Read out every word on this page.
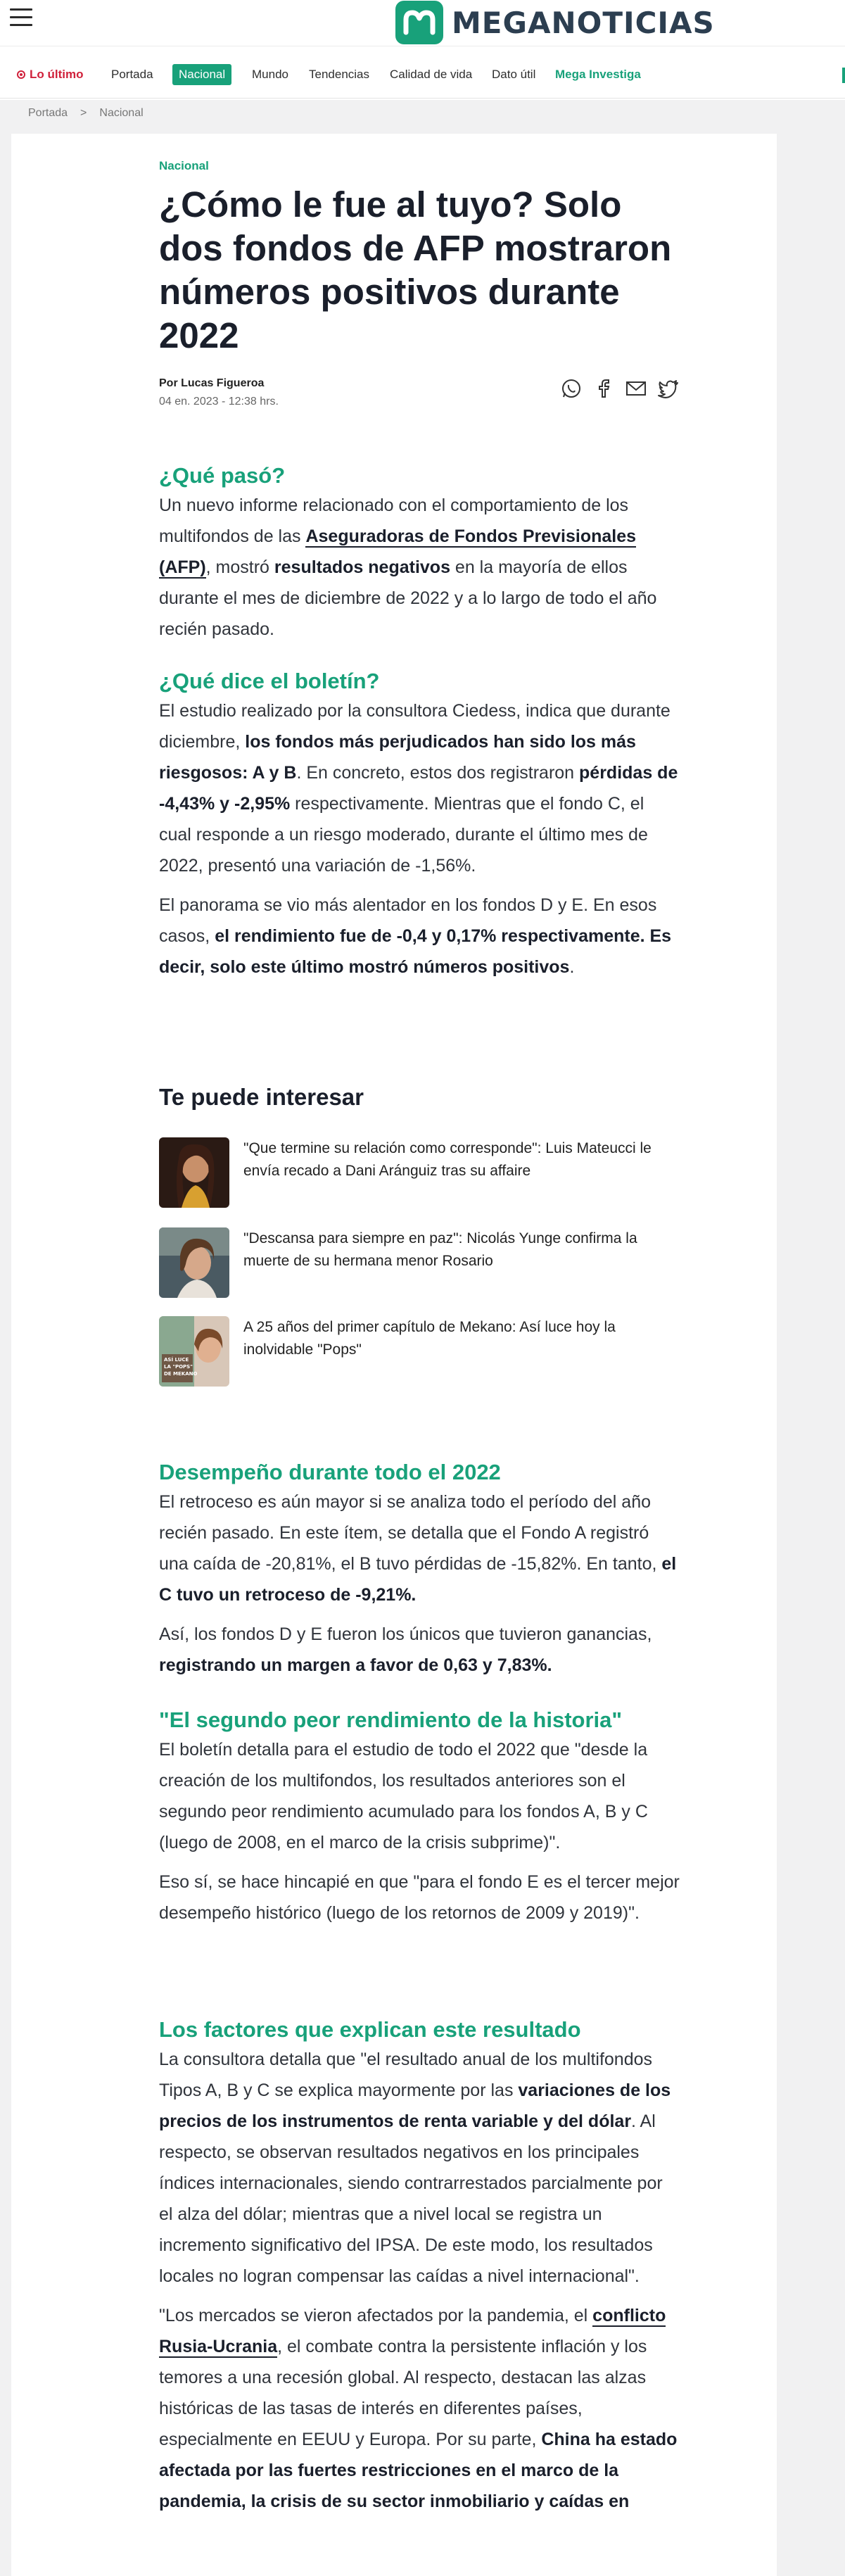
MEGANOTICIAS
Lo último Portada	Nacional	Mundo Tendencias Calidad de vida Dato útil Mega Investiga
Portada > Nacional
Nacional
¿Cómo le fue al tuyo? Solo dos fondos de AFP mostraron números positivos durante 2022
Por Lucas Figueroa
04 en. 2023 - 12:38 hrs.
¿Qué pasó?

Un nuevo informe relacionado con el comportamiento de los multifondos de las Aseguradoras de Fondos Previsionales (AFP), mostró resultados negativos en la mayoría de ellos durante el mes de diciembre de 2022 y a lo largo de todo el año recién pasado.

¿Qué dice el boletín?

El estudio realizado por la consultora Ciedess, indica que durante diciembre, los fondos más perjudicados han sido los más riesgosos: A y B. En concreto, estos dos registraron pérdidas de -4,43% y -2,95% respectivamente. Mientras que el fondo C, el cual responde a un riesgo moderado, durante el último mes de 2022, presentó una variación de -1,56%.

El panorama se vio más alentador en los fondos D y E. En esos casos, el rendimiento fue de -0,4 y 0,17% respectivamente. Es decir, solo este último mostró números positivos.

Te puede interesar
"Que termine su relación como corresponde": Luis Mateucci le envía recado a Dani Aránguiz tras su affaire
"Descansa para siempre en paz": Nicolás Yunge confirma la muerte de su hermana menor Rosario
ASÍ LUCE
LA "POPS"
DE MEKANO
A 25 años del primer capítulo de Mekano: Así luce hoy la inolvidable "Pops"
Desempeño durante todo el 2022

El retroceso es aún mayor si se analiza todo el período del año recién pasado. En este ítem, se detalla que el Fondo A registró una caída de -20,81%, el B tuvo pérdidas de -15,82%. En tanto, el C tuvo un retroceso de -9,21%.

Así, los fondos D y E fueron los únicos que tuvieron ganancias, registrando un margen a favor de 0,63 y 7,83%.

"El segundo peor rendimiento de la historia"

El boletín detalla para el estudio de todo el 2022 que "desde la creación de los multifondos, los resultados anteriores son el segundo peor rendimiento acumulado para los fondos A, B y C (luego de 2008, en el marco de la crisis subprime)".

Eso sí, se hace hincapié en que "para el fondo E es el tercer mejor desempeño histórico (luego de los retornos de 2009 y 2019)".

Los factores que explican este resultado

La consultora detalla que "el resultado anual de los multifondos Tipos A, B y C se explica mayormente por las variaciones de los precios de los instrumentos de renta variable y del dólar. Al respecto, se observan resultados negativos en los principales índices internacionales, siendo contrarrestados parcialmente por el alza del dólar; mientras que a nivel local se registra un incremento significativo del IPSA. De este modo, los resultados locales no logran compensar las caídas a nivel internacional".

"Los mercados se vieron afectados por la pandemia, el conflicto Rusia-Ucrania, el combate contra la persistente inflación y los temores a una recesión global. Al respecto, destacan las alzas históricas de las tasas de interés en diferentes países, especialmente en EEUU y Europa. Por su parte, China ha estado afectada por las fuertes restricciones en el marco de la pandemia, la crisis de su sector inmobiliario y caídas en
